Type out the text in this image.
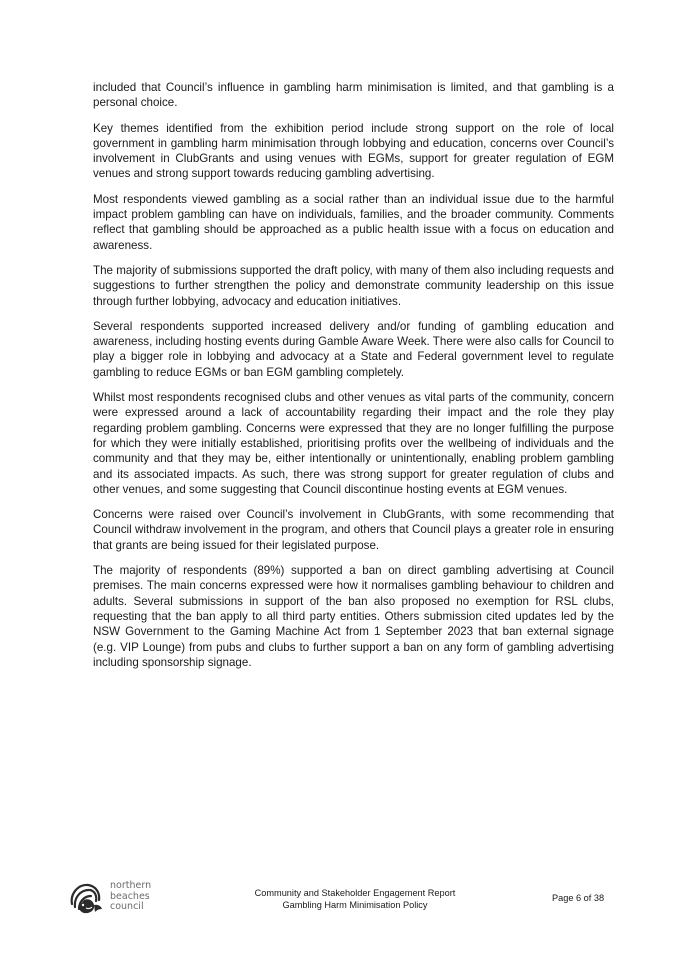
included that Council’s influence in gambling harm minimisation is limited, and that gambling is a personal choice.

Key themes identified from the exhibition period include strong support on the role of local government in gambling harm minimisation through lobbying and education, concerns over Council’s involvement in ClubGrants and using venues with EGMs, support for greater regulation of EGM venues and strong support towards reducing gambling advertising.

Most respondents viewed gambling as a social rather than an individual issue due to the harmful impact problem gambling can have on individuals, families, and the broader community. Comments reflect that gambling should be approached as a public health issue with a focus on education and awareness.

The majority of submissions supported the draft policy, with many of them also including requests and suggestions to further strengthen the policy and demonstrate community leadership on this issue through further lobbying, advocacy and education initiatives.

Several respondents supported increased delivery and/or funding of gambling education and awareness, including hosting events during Gamble Aware Week. There were also calls for Council to play a bigger role in lobbying and advocacy at a State and Federal government level to regulate gambling to reduce EGMs or ban EGM gambling completely.

Whilst most respondents recognised clubs and other venues as vital parts of the community, concern were expressed around a lack of accountability regarding their impact and the role they play regarding problem gambling. Concerns were expressed that they are no longer fulfilling the purpose for which they were initially established, prioritising profits over the wellbeing of individuals and the community and that they may be, either intentionally or unintentionally, enabling problem gambling and its associated impacts. As such, there was strong support for greater regulation of clubs and other venues, and some suggesting that Council discontinue hosting events at EGM venues.

Concerns were raised over Council’s involvement in ClubGrants, with some recommending that Council withdraw involvement in the program, and others that Council plays a greater role in ensuring that grants are being issued for their legislated purpose.

The majority of respondents (89%) supported a ban on direct gambling advertising at Council premises. The main concerns expressed were how it normalises gambling behaviour to children and adults. Several submissions in support of the ban also proposed no exemption for RSL clubs, requesting that the ban apply to all third party entities. Others submission cited updates led by the NSW Government to the Gaming Machine Act from 1 September 2023 that ban external signage (e.g. VIP Lounge) from pubs and clubs to further support a ban on any form of gambling advertising including sponsorship signage.

northern
beaches
council
Community and Stakeholder Engagement Report
Gambling Harm Minimisation Policy
Page 6 of 38
